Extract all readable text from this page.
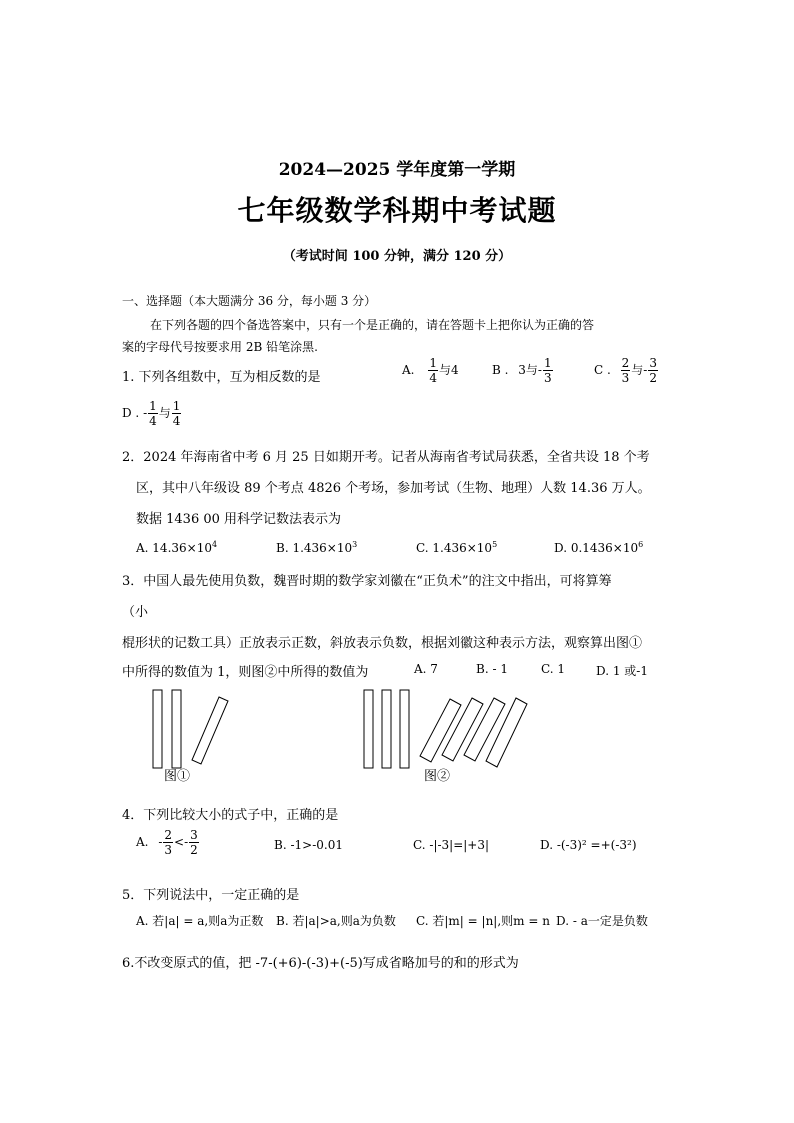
2024—2025 学年度第一学期
七年级数学科期中考试题
（考试时间 100 分钟，满分 120 分）
一、选择题（本大题满分 36 分，每小题 3 分）
在下列各题的四个备选答案中，只有一个是正确的，请在答题卡上把你认为正确的答
案的字母代号按要求用 2B 铅笔涂黑.
1. 下列各组数中，互为相反数的是	A. $\frac{1}{4}$ 与4	B . 3与- $\frac{1}{3}$	C . $\frac{2}{3}$ 与- $\frac{3}{2}$
D . - $\frac{1}{4}$ 与 $\frac{1}{4}$
2．2024 年海南省中考 6 月 25 日如期开考。记者从海南省考试局获悉，全省共设 18 个考
区，其中八年级设 89 个考点 4826 个考场，参加考试（生物、地理）人数 14.36 万人。
数据 1436 00 用科学记数法表示为
A. $14.36\times 10^4$	B. $1.436\times 10^3$	C. $1.436\times 10^5$	D. $0.1436\times 10^6$
3．中国人最先使用负数，魏晋时期的数学家刘徽在“正负术”的注文中指出，可将算筹
（小
棍形状的记数工具）正放表示正数，斜放表示负数，根据刘徽这种表示方法，观察算出图①
中所得的数值为 1，则图②中所得的数值为	A. 7	B. - 1	C. 1	D. 1 或-1
图①	图②
4．下列比较大小的式子中，正确的是
A. - $\frac{2}{3} <- \frac{3}{2}$	B. -1>-0.01	C. -|-3|=|+3|	D. -(-3)² =+(-3²)
5．下列说法中，一定正确的是
A. 若|a| = a,则a为正数 B. 若|a|>a,则a为负数 C. 若|m| = |n|,则m = n D. - a一定是负数
6.不改变原式的值，把 -7-(+6)-(-3)+(-5)写成省略加号的和的形式为
